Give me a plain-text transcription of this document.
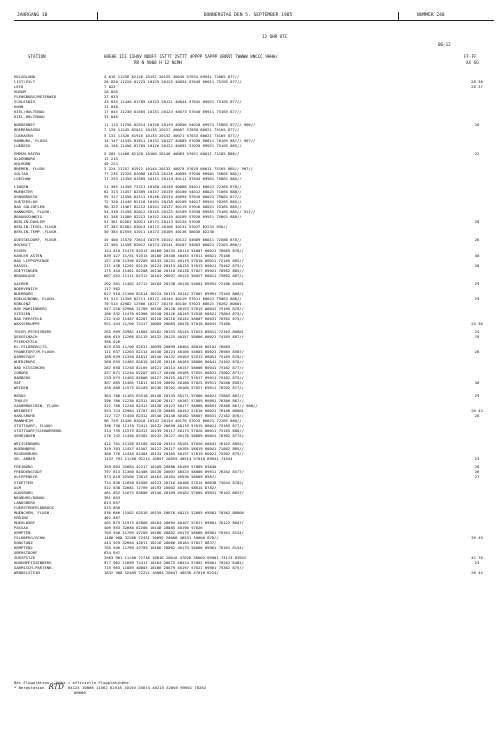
JAHRGANG 10	DONNERSTAG DEN 5. SEPTEMBER 1985	NUMMER 248
12 UHR UTC
06-12
STATION	HOEHE III IIHVV NDDFF 1STTT 2STTT 4PPPP 5APPP 6RRRT 7WWWW 8NCCC 9HHH/
RR N 9000 H 12 NLMH
FF-FF
XX GG
HELGOLAND	4 015 11256 82126 10152 20135 40045 57034 69941 72065 877//
LIST/SYLT	26 020 11220 81725 10129 20125 40034 57049 60011 75765 877//	28 36
LECK	7 022	28 37
HUSUM	28 026
FLENSBURG/MEIERWIK	27 033
SCHLESWIG	43 035 11440 81709 10123 20121 40044 57042 69921 75165 877//
HOHN	12 038
KIEL/HOLTENAU	17 045 11230 81505 10131 20124 40073 57040 69911 75165 877//
KIEL-HOLTENAU	31 046
NORDERNEY	11 113 11256 82514 10150 20139 40056 54018 69971 75865 877// 906//	26
BREMERHAVEN	7 129 11245 82011 10139 20127 40067 57030 60021 75165 877//
CUXHAVEN	5 131 11326 81916 10133 20132 40071 57033 60021 75165 877//
HAMBURG, FLUGH.	14 147 11345 81811 10132 20127 40085 57036 60011 76165 887// 907//
LUEBECK	14 156 11456 81705 10126 20122 40092 57029 69921 75165 885//
EMDEN-HAFEN	5 203 11460 82120 10160 20140 40063 57021 60011 72165 888//	22
OLDENBURG	11 215
AHLHORN	49 224
BREMEN, FLUGH.	3 224 11257 81912 10144 20133 40079 57029 60011 75165 885// 907//
SOLTAU	77 235 11320 82008 10133 20126 40095 57030 69981 75865 885//
LUECHOW	17 253 11450 81909 10151 20119 40111 57034 69901 75862 885//
LINGEN	21 305 11458 72311 10160 20150 40068 54011 60021 72165 878//
MUENSTER	62 313 11457 82309 10157 20139 40100 54012 60021 71865 888//
OSNABRUECK	95 317 11456 82111 10146 20134 40094 57016 60021 75862 877//
GUETERSLOH	72 320 11446 82110 10161 20138 40109 54017 69941 70265 885//
BAD SALZUFLEN	98 325 11467 82212 10151 20137 40119 57016 60021 75165 885//
HANNOVER, FLUGH.	54 338 11456 82012 10145 20125 40109 57030 69951 75165 885// 911//
BRAUNSCHWEIG	81 348 11580 82213 10152 20110 40109 57026 69911 75862 888//
BERLIN-DAHLEM	51 381 82562 82011 10171 20113 40134 57036	28
BERLIN-TEGEL,FLUGH.	37 382 82562 82013 10172 20106 40131 57037 82231 930//
BERLIN-TEMP.,FLUGH.	50 384 82559 51911 10173 20109 40136 58036 82230
DUESSELDORF, FLUGH.	45 400 11570 72614 10179 20142 40122 54009 60011 72586 878//	26
BOCHOLT	21 405 11458 82012 10174 20141 40107 54003 60021 72162 880//
ESSEN	154 410 11475 82515 10160 20135 40115 55007 60021 78065 878//
KAHLER ASTEN	839 427 11/01 92515 10100 20100 48455 57011 60021 75166	30
BAD LIPPSPRINGE	157 430 11356 82209 10143 20131 40119 57016 60021 72165 885//
KASSEL	231 438 11262 82115 10124 20113 40133 57013 60011 75462 875//	26
GOETTINGEN	175 444 11461 82208 10146 20110 40130 57027 69921 76562 885//
BRAUNLAGE	607 452 11111 82312 10101 20097 40125 58027 60011 75862 887//
AACHEN	202 501 11482 42712 10184 20138 40126 54001 69991 72186 84201	29
NOERVENICH	117 502
NUERBURG	627 510 11160 82514 10124 20119 40142 57007 69991 75165 866//
KOELN/BONN, FLUGH.	91 513 11356 82711 10172 20144 40129 57011 60021 75862 888//	29
KOBLENZ	70 515 42982 12506 10217 20176 40140 57023 60021 70262 80001
BAD MARIENBERG	547 526 42986 21709 10150 20128 40153 57015 60041 75165 878//
GIESSEN	186 532 11476 81906 10140 20126 40145 57018 60021 75864 875//
BAD HERSFELD	212 542 11467 82207 10128 20118 40152 58007 60031 76362 875//
WASSERKUPPE	921 544 11/00 72417 10085 20085 48478 57018 60041 75166	24 36
TRIER-PETRISBERG	265 609 42982 41804 10182 20153 40145 57023 60011 72162 80001	24
DEUSELBACH	480 615 11266 82115 10132 20125 40157 58006 60021 74165 887//	29
PFERDSFELD	396 626
KL.FELDBERG/TS.	825 635 11/00 92531 10099 20099 48484 56010 60101 76065
FRANKFURT/M.FLUGH.	111 637 11263 82114 10146 20124 40160 54003 60021 76565 8587/	28
DARMSTADT	108 639 11358 81811 10140 20132 40163 57013 60051 75165 878//
WUERZBURG	268 655 11463 82015 10128 20116 40163 58008 60041 74162 878//
BAD KISSINGEN	282 658 11258 82105 10121 20114 40157 58006 60041 75162 877//
COBURG	337 671 11240 82207 10117 20106 40165 57025 60021 75862 877//
BAMBERG	239 675 11463 82006 10127 20115 40177 57017 69911 75162 875//
HOF	567 685 11465 71811 10119 20092 40160 57025 69911 70286 8587/	30
WEIDEN	438 688 11575 82109 10136 20102 40160 57027 69911 70262 877//
BERUS	363 706 11163 82518 10138 20135 40171 57008 60021 75865 887//	29
THOLEY	396 706 11236 82311 10126 20117 40167 57009 60091 76366 887//
SAARBRUECKEN, FLUGH.	322 708 11248 82412 10138 20123 40177 58008 60051 76366 887// 906//
WEINBIET	553 724 42984 31707 10170 20065 40152 57016 60021 76166 80001	26 42
KARLSRUHE	112 727 11450 82312 10148 20140 40182 58007 60031 72162 878//	28
MANNHEIM	96 729 11446 82010 10142 20134 40170 57015 60021 72165 880//
STUTTGART, FLUGH.	396 738 11170 72411 10132 20099 40170 57015 60011 75165 877//
STUTTGART/SCHNARRENB.	314 739 11575 82412 10139 20117 40173 57020 60011 75165 880//
OEHRINGEN	276 742 11450 82302 10132 20127 40178 58009 60051 76362 8772/
WEISSENBURG	422 761 11156 82105 10120 20114 40181 57020 60041 76162 8852/
NUERNBERG	319 763 11457 81507 10127 20117 40185 58019 60041 71862 885//
REGENSBURG	366 776 11458 82404 10134 20105 40197 57019 60021 75362 875//
GR. ARBER	1437 791 11/00 92215 10057 20055 48514 57018 69941 74544	25
FREIBURG	269 803 32684 42217 10209 20086 40189 57009 83840	28
FREUDENSTADT	797 815 11360 82406 10130 20097 48524 58006 69911 76262 8577/	26
KLIPPENECK	973 818 32586 72613 10164 20104 48536 58009 8587/	27
STOETTEN	734 836 11058 82506 10123 20116 40186 57014 60038 73044 8782/
ULM	522 838 32681 72709 10193 20082 40194 58014 8782/
AUGSBURG	461 852 11675 83606 10146 20109 40182 57005 69941 76162 8657/
NEUBURG/DONAU	381 853
LANDSBERG	623 857
FUERSTENFELDBRUCK	519 858
MUENCHEN, FLUGH.	530 866 11582 62518 10159 20076 40215 52005 69901 70262 86800
ERDING	462 867
MUEHLDORF	401 875 11975 82806 10164 20094 40187 57027 69901 76122 8607/
PASSAU	409 893 32680 82208 10148 20085 40190 57026
KEMPTEN	705 946 11789 42709 10186 20082 40179 56008 69901 70161 8154/
FELDBERG/SCHW.	1486 908 32286 72431 10095 20066 48531 50006 878//	39 49
KONSTANZ	443 929 32684 42611 10216 20086 40184 57027 8837/
KEMPTEN2	705 946 11789 42709 10186 20082 40179 56008 69901 70161 8154/
OBERSTDORF	834 947
ZUGSPITZE	2963 961 11/00 72738 10016 20016 47026 58002 69901 74174 83942	42 76
HOHENPEISSENBERG	977 962 11689 72412 10164 20075 48524 57002 69901 70262 8484/	25
GARMISCH-PARTENK.	719 963 11889 40803 10186 20079 40197 57021 69901 75362 875//
WENDELSTEIN	1832 980 32489 72221 10084 20047 48536 57016 8224/	26 44
Bei Flugplätzen : Höhe = offizielle Flugplatzhöhe
* Bergstation RTD 04124 10866 11562 62518 10159 20074 40215 52005 69901 70262
86800
